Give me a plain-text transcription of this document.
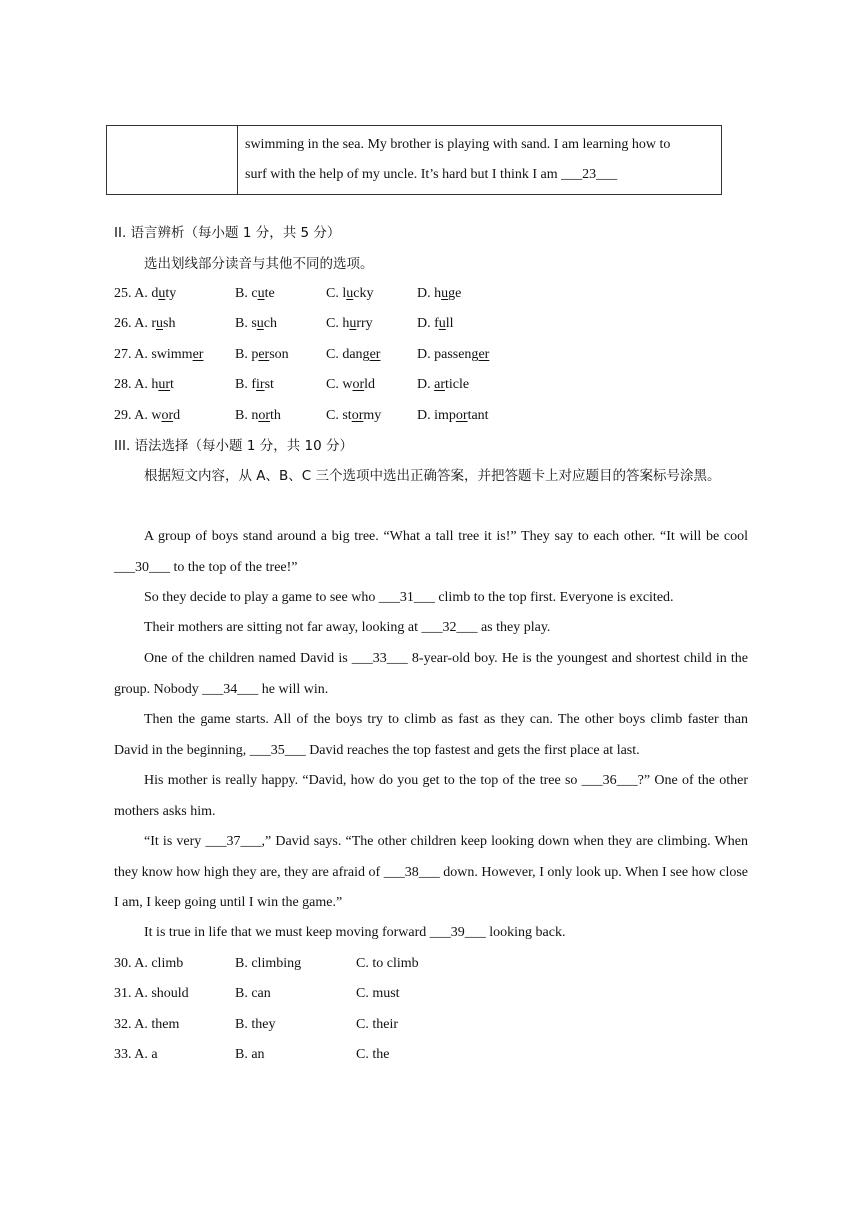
swimming in the sea. My brother is playing with sand. I am learning how to
surf with the help of my uncle. It’s hard but I think I am ___23___
II. 语言辨析（每小题 1 分，共 5 分）
选出划线部分读音与其他不同的选项。
25. A. duty	B. cute	C. lucky	D. huge
26. A. rush	B. such	C. hurry	D. full
27. A. swimmer B. person	C. danger	D. passenger
28. A. hurt	B. first	C. world	D. article
29. A. word	B. north	C. stormy	D. important
III. 语法选择（每小题 1 分，共 10 分）
根据短文内容，从 A、B、C 三个选项中选出正确答案，并把答题卡上对应题目的答案标号涂黑。
A group of boys stand around a big tree. “What a tall tree it is!” They say to each other. “It will be cool ___30___ to the top of the tree!”
So they decide to play a game to see who ___31___ climb to the top first. Everyone is excited.
Their mothers are sitting not far away, looking at ___32___ as they play.
One of the children named David is ___33___ 8-year-old boy. He is the youngest and shortest child in the group. Nobody ___34___ he will win.
Then the game starts. All of the boys try to climb as fast as they can. The other boys climb faster than David in the beginning, ___35___ David reaches the top fastest and gets the first place at last.
His mother is really happy. “David, how do you get to the top of the tree so ___36___?” One of the other mothers asks him.
“It is very ___37___,” David says. “The other children keep looking down when they are climbing. When they know how high they are, they are afraid of ___38___ down. However, I only look up. When I see how close I am, I keep going until I win the game.”
It is true in life that we must keep moving forward ___39___ looking back.
30. A. climb	B. climbing	C. to climb
31. A. should	B. can	C. must
32. A. them	B. they	C. their
33. A. a	B. an	C. the
